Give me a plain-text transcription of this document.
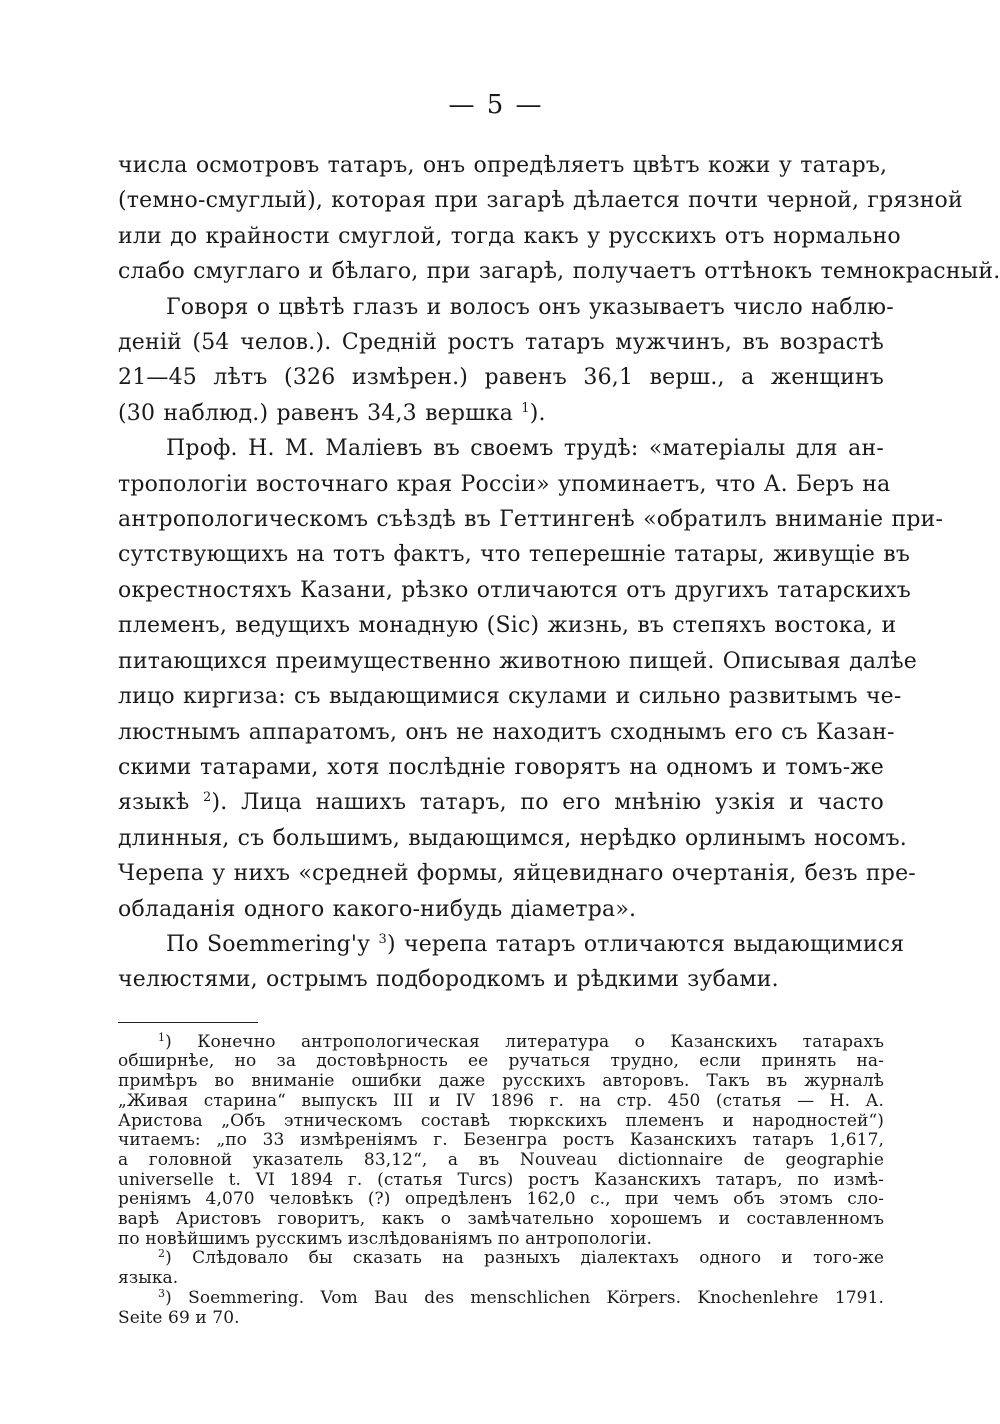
— 5 —
числа осмотровъ татаръ, онъ опредѣляетъ цвѣтъ кожи у татаръ,
(темно-смуглый), которая при загарѣ дѣлается почти черной, грязной
или до крайности смуглой, тогда какъ у русскихъ отъ нормально
слабо смуглаго и бѣлаго, при загарѣ, получаетъ оттѣнокъ темнокрасный.
Говоря о цвѣтѣ глазъ и волосъ онъ указываетъ число наблю-
деній (54 челов.). Средній ростъ татаръ мужчинъ, въ возрастѣ
21—45 лѣтъ (326 измѣрен.) равенъ 36,1 верш., а женщинъ
(30 наблюд.) равенъ 34,3 вершка $^1$).
Проф. Н. М. Маліевъ въ своемъ трудѣ: «матеріалы для ан-
тропологіи восточнаго края Россіи» упоминаетъ, что А. Беръ на
антропологическомъ съѣздѣ въ Геттингенѣ «обратилъ вниманіе при-
сутствующихъ на тотъ фактъ, что теперешніе татары, живущіе въ
окрестностяхъ Казани, рѣзко отличаются отъ другихъ татарскихъ
племенъ, ведущихъ монадную (Sic) жизнь, въ степяхъ востока, и
питающихся преимущественно животною пищей. Описывая далѣе
лицо киргиза: съ выдающимися скулами и сильно развитымъ че-
люстнымъ аппаратомъ, онъ не находитъ сходнымъ его съ Казан-
скими татарами, хотя послѣдніе говорятъ на одномъ и томъ-же
языкѣ $^2$). Лица нашихъ татаръ, по его мнѣнію узкія и часто
длинныя, съ большимъ, выдающимся, нерѣдко орлинымъ носомъ.
Черепа у нихъ «средней формы, яйцевиднаго очертанія, безъ пре-
обладанія одного какого-нибудь діаметра».
По Soemmering'у $^3$) черепа татаръ отличаются выдающимися
челюстями, острымъ подбородкомъ и рѣдкими зубами.
$^1$) Конечно антропологическая литература о Казанскихъ татарахъ
обширнѣе, но за достовѣрность ее ручаться трудно, если принять на-
примѣръ во вниманіе ошибки даже русскихъ авторовъ. Такъ въ журналѣ
„Живая старина“ выпускъ III и IV 1896 г. на стр. 450 (статья — Н. А.
Аристова „Объ этническомъ составѣ тюркскихъ племенъ и народностей“)
читаемъ: „по 33 измѣреніямъ г. Безенгра ростъ Казанскихъ татаръ 1,617,
а головной указатель 83,12“, а въ Nouveau dictionnaire de geographie
universelle t. VI 1894 г. (статья Turcs) ростъ Казанскихъ татаръ, по измѣ-
реніямъ 4,070 человѣкъ (?) опредѣленъ 162,0 с., при чемъ объ этомъ сло-
варѣ Аристовъ говоритъ, какъ о замѣчательно хорошемъ и составленномъ
по новѣйшимъ русскимъ изслѣдованіямъ по антропологіи.
$^2$) Слѣдовало бы сказать на разныхъ діалектахъ одного и того-же
языка.
$^3$) Soemmering. Vom Bau des menschlichen Körpers. Knochenlehre 1791.
Seite 69 и 70.
